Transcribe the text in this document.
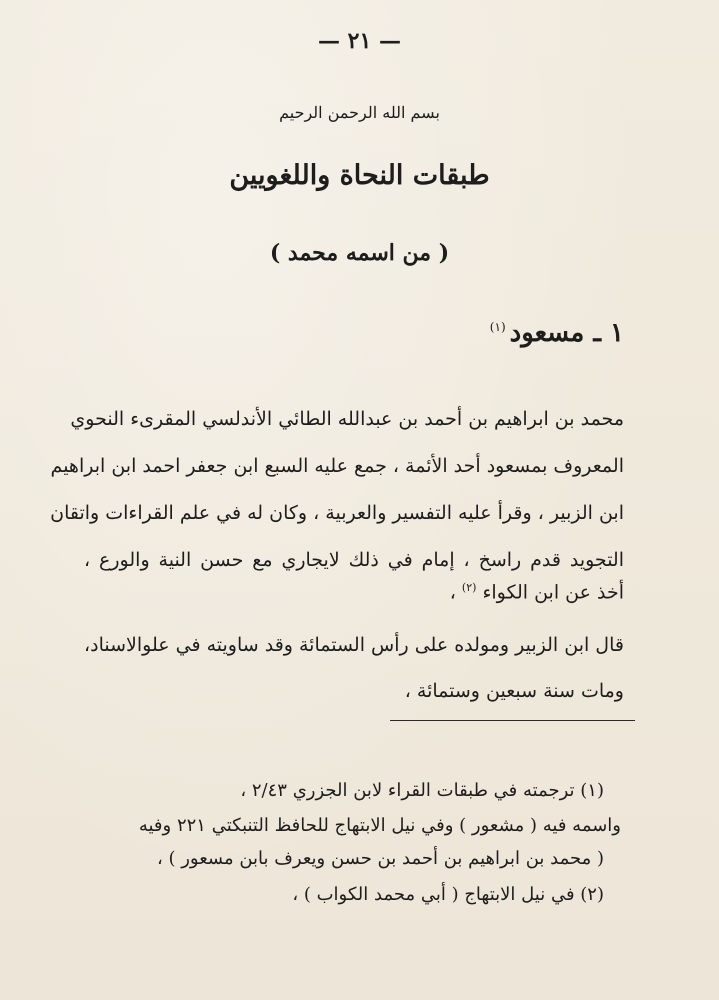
— ٢١ —
بسم الله الرحمن الرحيم
طبقات النحاة واللغويين
( من اسمه محمد )
١ ـ مسعود$^{(١)}$
محمد بن ابراهيم بن أحمد بن عبدالله الطائي الأندلسي المقرىء النحوي
المعروف بمسعود أحد الأئمة ، جمع عليه السبع ابن جعفر احمد ابن ابراهيم
ابن الزبير ، وقرأ عليه التفسير والعربية ، وكان له في علم القراءات واتقان
التجويد قدم راسخ ، إمام في ذلك لايجاري مع حسن النية والورع ،
أخذ عن ابن الكواء $^{(٢)}$ ،
قال ابن الزبير ومولده على رأس الستمائة وقد ساويته في علوالاسناد،
ومات سنة سبعين وستمائة ،
(١) ترجمته في طبقات القراء لابن الجزري ٢/٤٣ ،
واسمه فيه ( مشعور ) وفي نيل الابتهاج للحافظ التنبكتي ٢٢١ وفيه
( محمد بن ابراهيم بن أحمد بن حسن ويعرف بابن مسعور ) ،
(٢) في نيل الابتهاج ( أبي محمد الكواب ) ،
